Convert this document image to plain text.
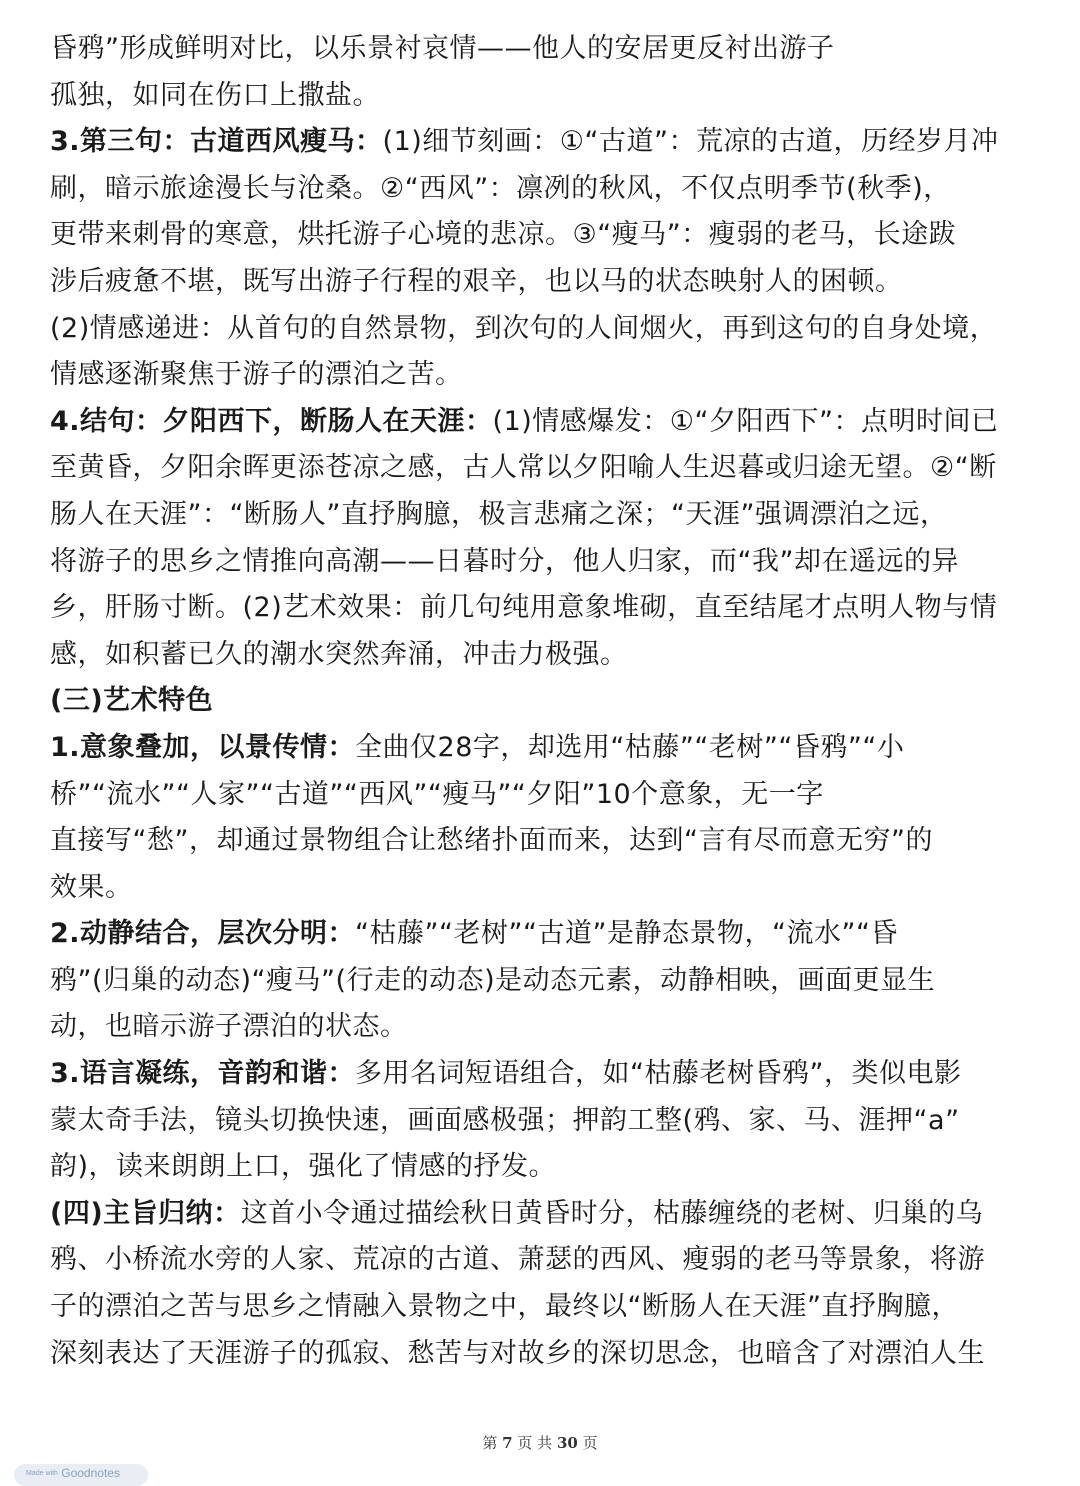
昏鸦”形成鲜明对比，以乐景衬哀情——他人的安居更反衬出游子
孤独，如同在伤口上撒盐。
3.第三句：古道西风瘦马：(1)细节刻画：①“古道”：荒凉的古道，历经岁月冲
刷，暗示旅途漫长与沧桑。②“西风”：凛冽的秋风，不仅点明季节(秋季)，
更带来刺骨的寒意，烘托游子心境的悲凉。③“瘦马”：瘦弱的老马，长途跋
涉后疲惫不堪，既写出游子行程的艰辛，也以马的状态映射人的困顿。
(2)情感递进：从首句的自然景物，到次句的人间烟火，再到这句的自身处境，
情感逐渐聚焦于游子的漂泊之苦。
4.结句：夕阳西下，断肠人在天涯：(1)情感爆发：①“夕阳西下”：点明时间已
至黄昏，夕阳余晖更添苍凉之感，古人常以夕阳喻人生迟暮或归途无望。②“断
肠人在天涯”：“断肠人”直抒胸臆，极言悲痛之深；“天涯”强调漂泊之远，
将游子的思乡之情推向高潮——日暮时分，他人归家，而“我”却在遥远的异
乡，肝肠寸断。(2)艺术效果：前几句纯用意象堆砌，直至结尾才点明人物与情
感，如积蓄已久的潮水突然奔涌，冲击力极强。
(三)艺术特色
1.意象叠加，以景传情：全曲仅28字，却选用“枯藤”“老树”“昏鸦”“小
桥”“流水”“人家”“古道”“西风”“瘦马”“夕阳”10个意象，无一字
直接写“愁”，却通过景物组合让愁绪扑面而来，达到“言有尽而意无穷”的
效果。
2.动静结合，层次分明：“枯藤”“老树”“古道”是静态景物，“流水”“昏
鸦”(归巢的动态)“瘦马”(行走的动态)是动态元素，动静相映，画面更显生
动，也暗示游子漂泊的状态。
3.语言凝练，音韵和谐：多用名词短语组合，如“枯藤老树昏鸦”，类似电影
蒙太奇手法，镜头切换快速，画面感极强；押韵工整(鸦、家、马、涯押“a”
韵)，读来朗朗上口，强化了情感的抒发。
(四)主旨归纳：这首小令通过描绘秋日黄昏时分，枯藤缠绕的老树、归巢的乌
鸦、小桥流水旁的人家、荒凉的古道、萧瑟的西风、瘦弱的老马等景象，将游
子的漂泊之苦与思乡之情融入景物之中，最终以“断肠人在天涯”直抒胸臆，
深刻表达了天涯游子的孤寂、愁苦与对故乡的深切思念，也暗含了对漂泊人生
第 7 页 共 30 页
Made with Goodnotes
